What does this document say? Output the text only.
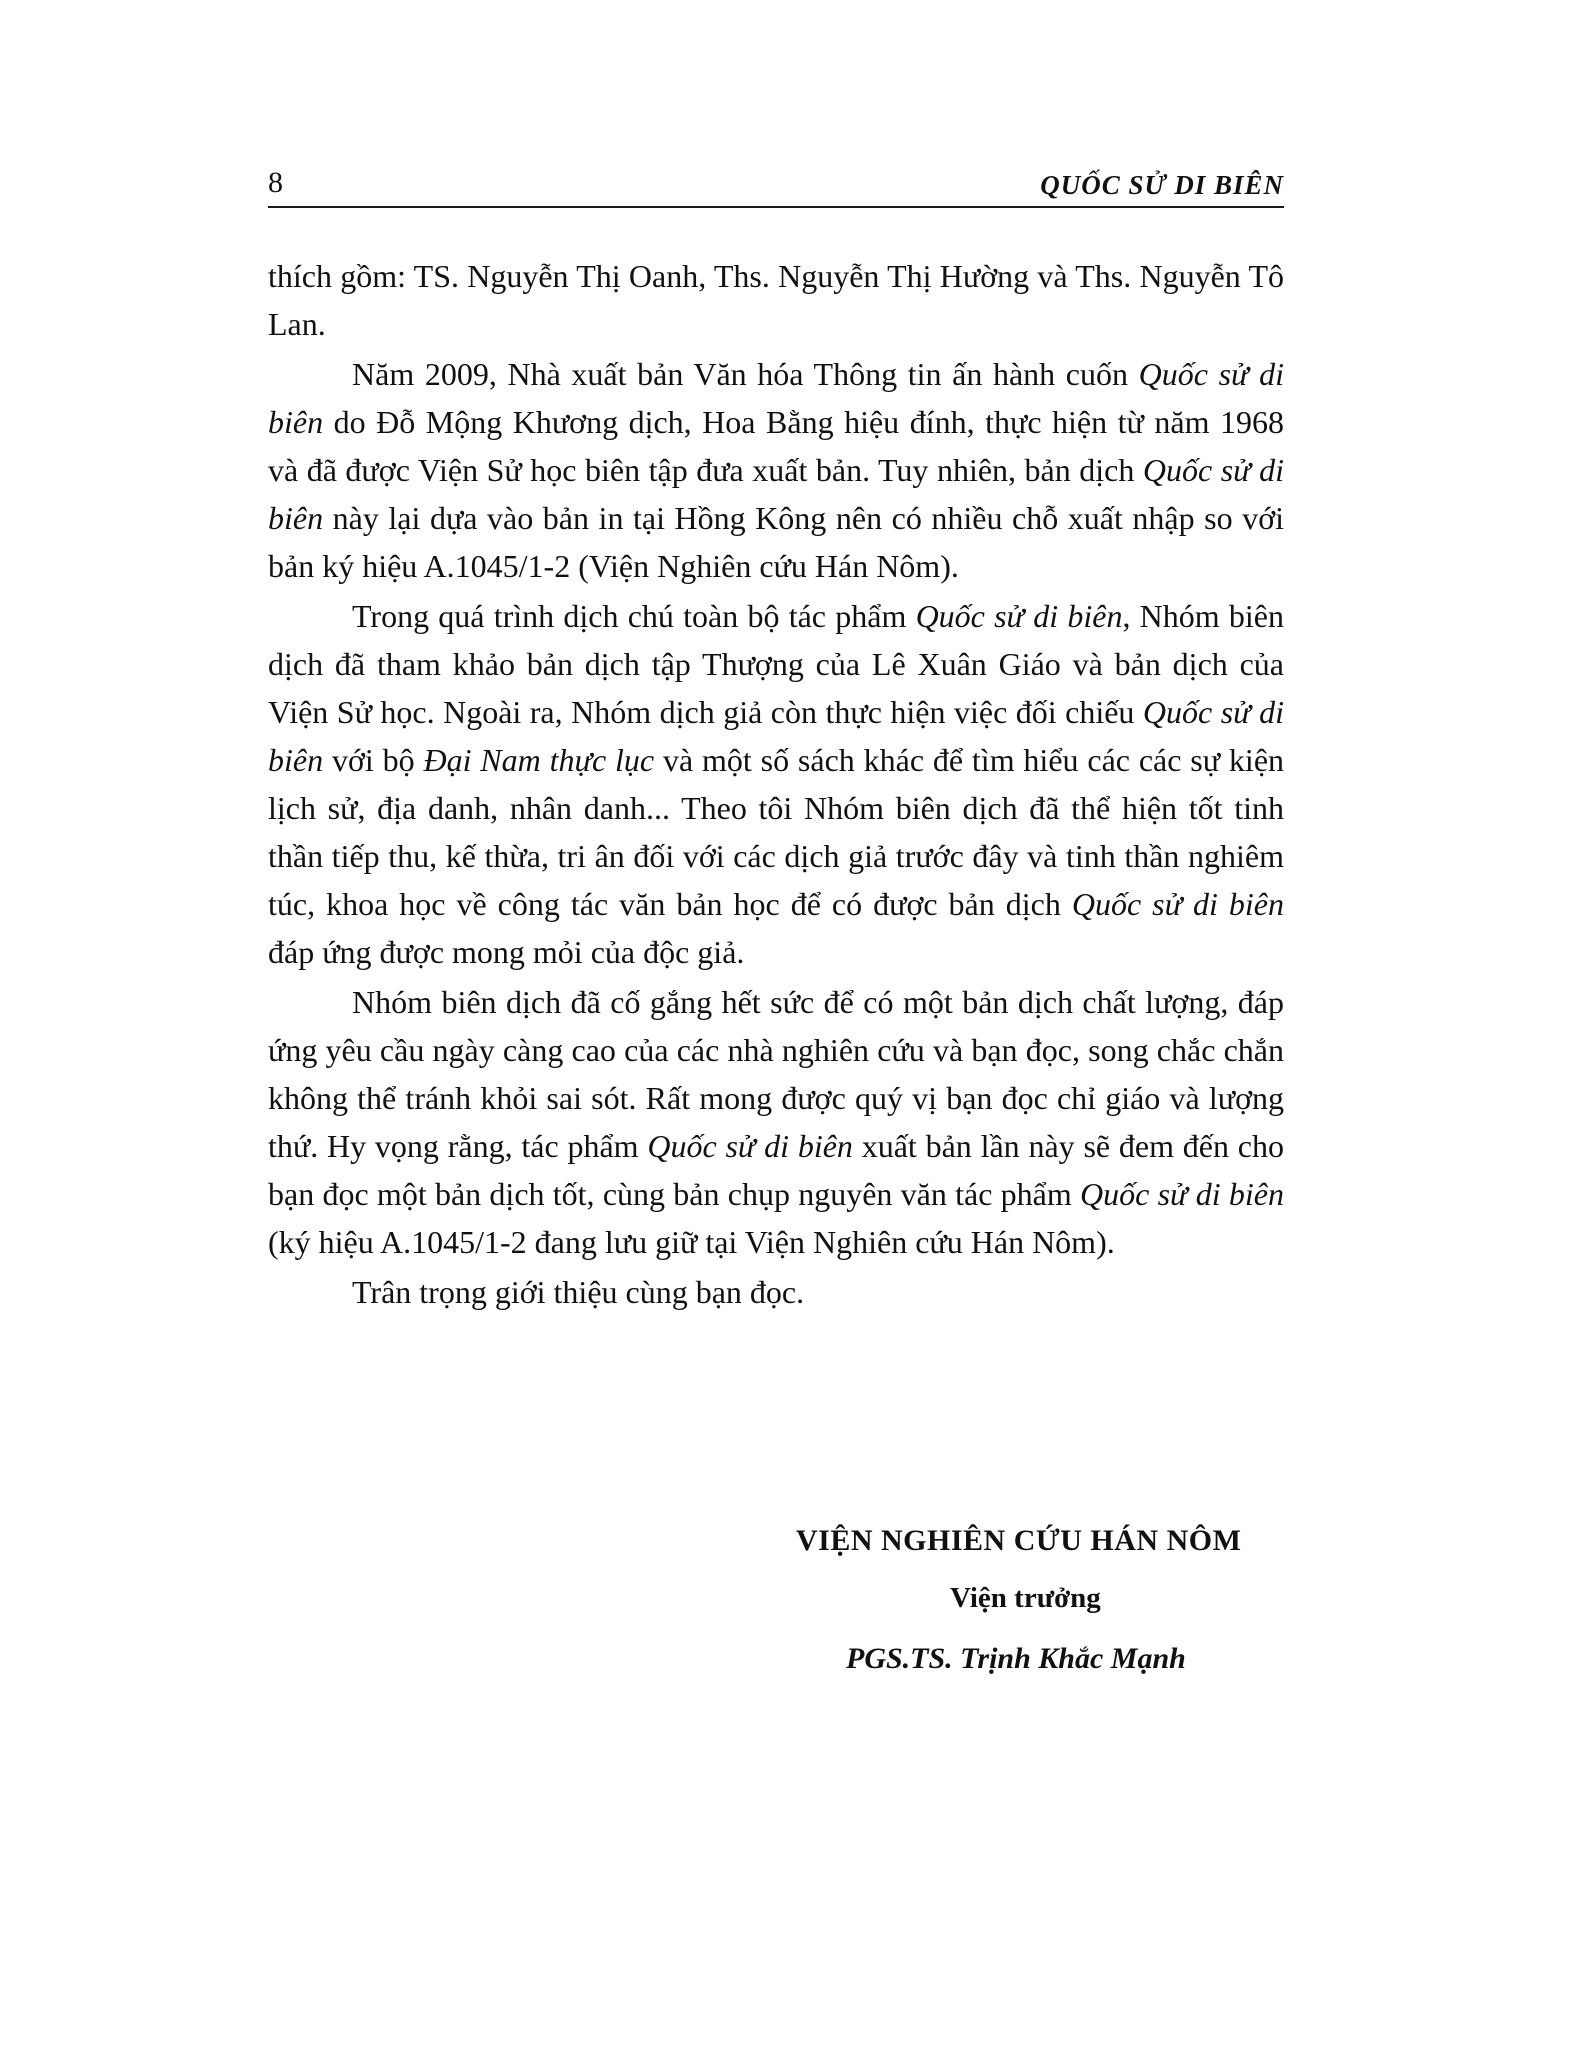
8	QUỐC SỬ DI BIÊN

thích gồm: TS. Nguyễn Thị Oanh, Ths. Nguyễn Thị Hường và Ths. Nguyễn Tô Lan.

Năm 2009, Nhà xuất bản Văn hóa Thông tin ấn hành cuốn Quốc sử di biên do Đỗ Mộng Khương dịch, Hoa Bằng hiệu đính, thực hiện từ năm 1968 và đã được Viện Sử học biên tập đưa xuất bản. Tuy nhiên, bản dịch Quốc sử di biên này lại dựa vào bản in tại Hồng Kông nên có nhiều chỗ xuất nhập so với bản ký hiệu A.1045/1-2 (Viện Nghiên cứu Hán Nôm).

Trong quá trình dịch chú toàn bộ tác phẩm Quốc sử di biên, Nhóm biên dịch đã tham khảo bản dịch tập Thượng của Lê Xuân Giáo và bản dịch của Viện Sử học. Ngoài ra, Nhóm dịch giả còn thực hiện việc đối chiếu Quốc sử di biên với bộ Đại Nam thực lục và một số sách khác để tìm hiểu các các sự kiện lịch sử, địa danh, nhân danh... Theo tôi Nhóm biên dịch đã thể hiện tốt tinh thần tiếp thu, kế thừa, tri ân đối với các dịch giả trước đây và tinh thần nghiêm túc, khoa học về công tác văn bản học để có được bản dịch Quốc sử di biên đáp ứng được mong mỏi của độc giả.

Nhóm biên dịch đã cố gắng hết sức để có một bản dịch chất lượng, đáp ứng yêu cầu ngày càng cao của các nhà nghiên cứu và bạn đọc, song chắc chắn không thể tránh khỏi sai sót. Rất mong được quý vị bạn đọc chỉ giáo và lượng thứ. Hy vọng rằng, tác phẩm Quốc sử di biên xuất bản lần này sẽ đem đến cho bạn đọc một bản dịch tốt, cùng bản chụp nguyên văn tác phẩm Quốc sử di biên (ký hiệu A.1045/1-2 đang lưu giữ tại Viện Nghiên cứu Hán Nôm).

Trân trọng giới thiệu cùng bạn đọc.

VIỆN NGHIÊN CỨU HÁN NÔM
Viện trưởng
PGS.TS. Trịnh Khắc Mạnh
